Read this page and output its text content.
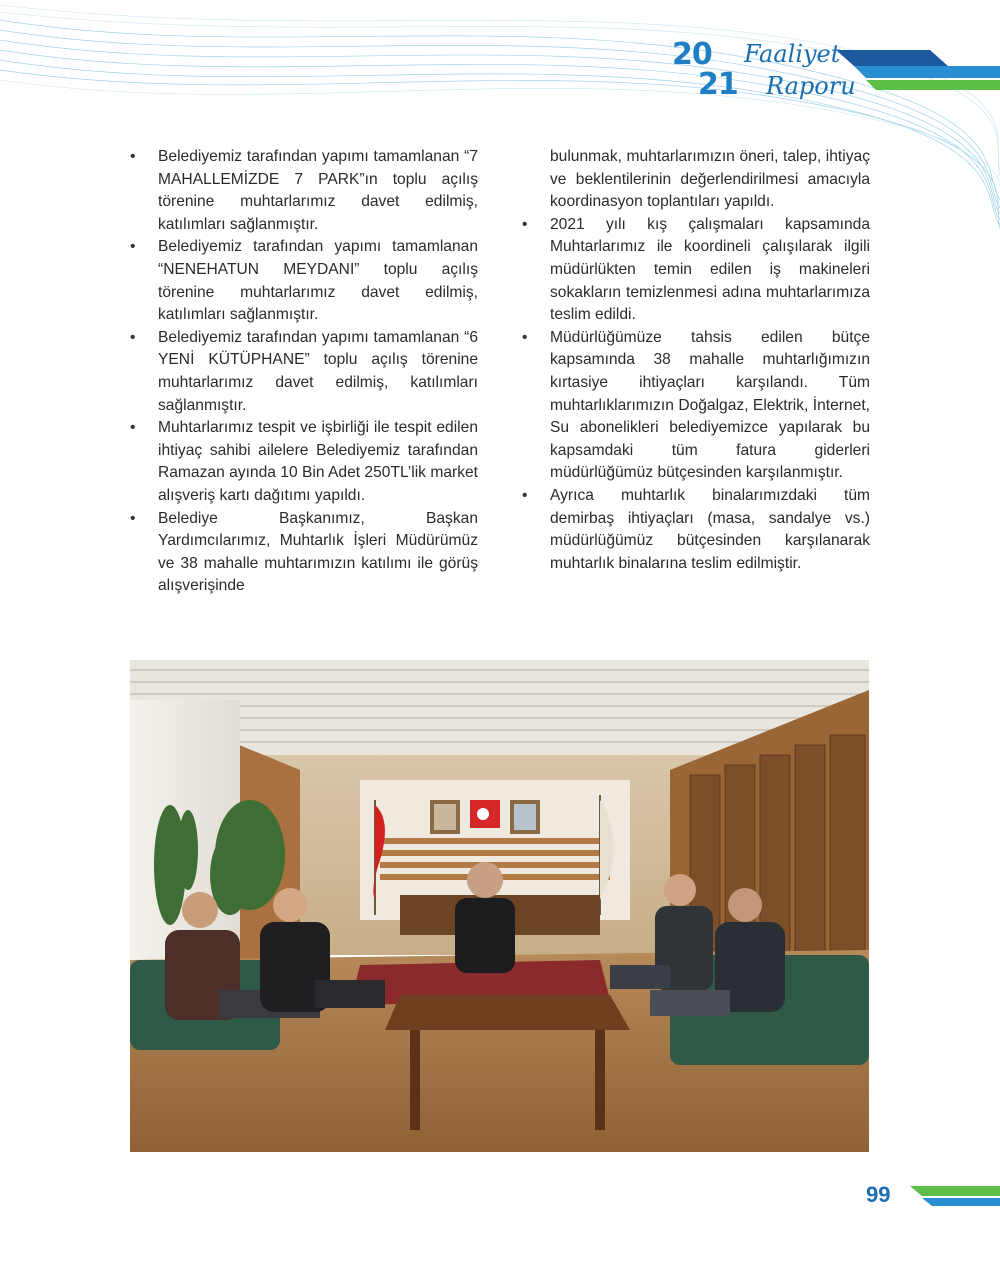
20
21
Faaliyet
Raporu
• Belediyemiz tarafından yapımı tamamlanan “7 MAHALLEMİZDE 7 PARK”ın toplu açılış törenine muhtarlarımız davet edilmiş, katılımları sağlanmıştır.
• Belediyemiz tarafından yapımı tamamlanan “NENEHATUN MEYDANI” toplu açılış törenine muhtarlarımız davet edilmiş, katılımları sağlanmıştır.
• Belediyemiz tarafından yapımı tamamlanan “6 YENİ KÜTÜPHANE” toplu açılış törenine muhtarlarımız davet edilmiş, katılımları sağlanmıştır.
• Muhtarlarımız tespit ve işbirliği ile tespit edilen ihtiyaç sahibi ailelere Belediyemiz tarafından Ramazan ayında 10 Bin Adet 250TL’lik market alışveriş kartı dağıtımı yapıldı.
• Belediye Başkanımız, Başkan Yardımcılarımız, Muhtarlık İşleri Müdürümüz ve 38 mahalle muhtarımızın katılımı ile görüş alışverişinde
bulunmak, muhtarlarımızın öneri, talep, ihtiyaç ve beklentilerinin değerlendirilmesi amacıyla koordinasyon toplantıları yapıldı.
• 2021 yılı kış çalışmaları kapsamında Muhtarlarımız ile koordineli çalışılarak ilgili müdürlükten temin edilen iş makineleri sokakların temizlenmesi adına muhtarlarımıza teslim edildi.
• Müdürlüğümüze tahsis edilen bütçe kapsamında 38 mahalle muhtarlığımızın kırtasiye ihtiyaçları karşılandı. Tüm muhtarlıklarımızın Doğalgaz, Elektrik, İnternet, Su abonelikleri belediyemizce yapılarak bu kapsamdaki tüm fatura giderleri müdürlüğümüz bütçesinden karşılanmıştır.
• Ayrıca muhtarlık binalarımızdaki tüm demirbaş ihtiyaçları (masa, sandalye vs.) müdürlüğümüz bütçesinden karşılanarak muhtarlık binalarına teslim edilmiştir.
99
